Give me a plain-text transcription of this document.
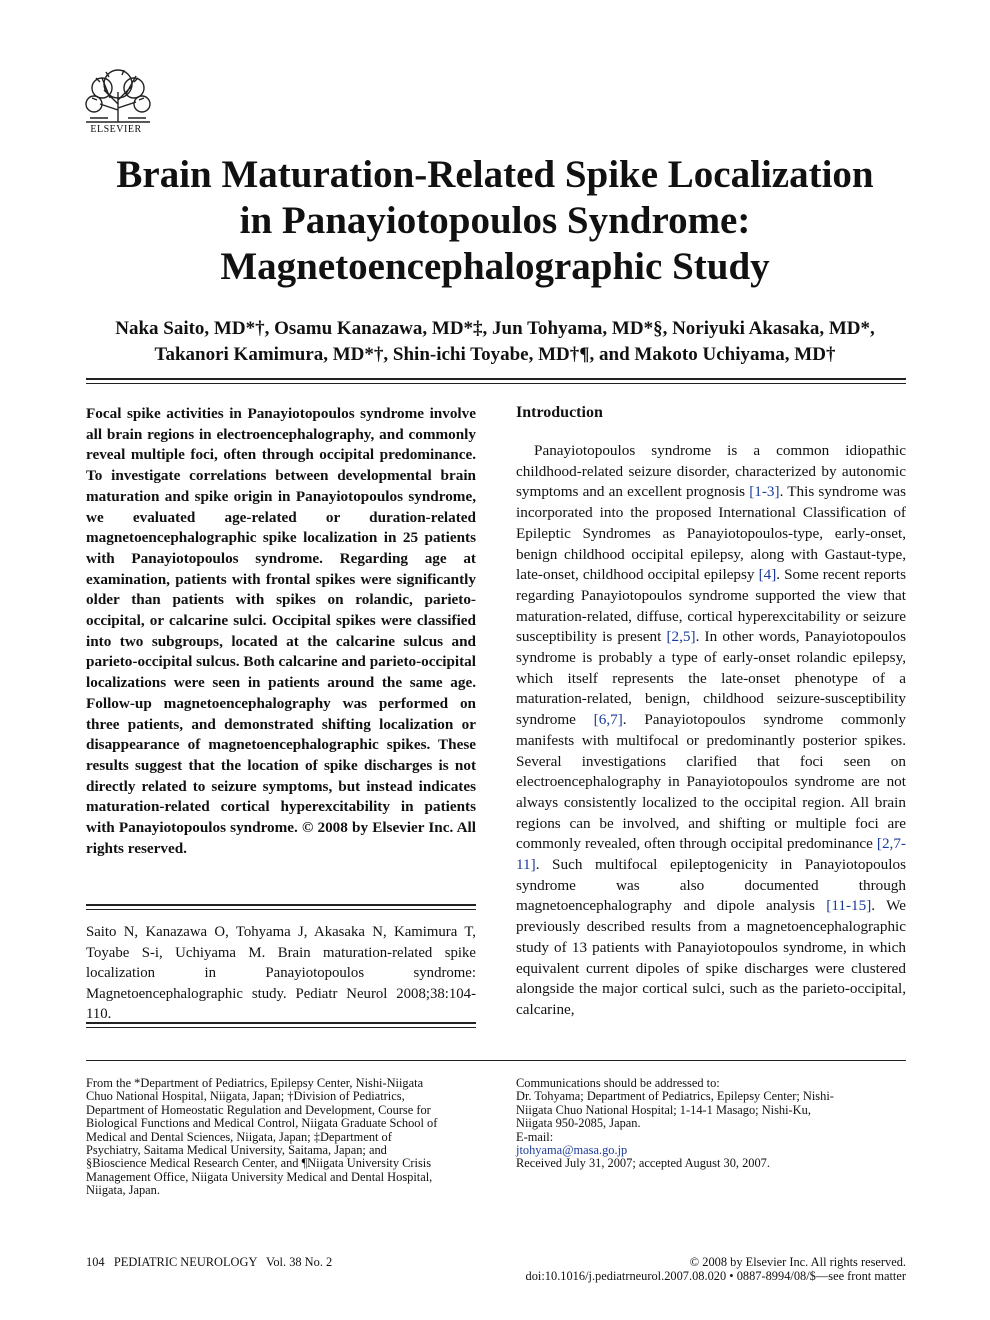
ELSEVIER
Brain Maturation-Related Spike Localization
in Panayiotopoulos Syndrome:
Magnetoencephalographic Study
Naka Saito, MD*†, Osamu Kanazawa, MD*‡, Jun Tohyama, MD*§, Noriyuki Akasaka, MD*,
Takanori Kamimura, MD*†, Shin-ichi Toyabe, MD†¶, and Makoto Uchiyama, MD†

Focal spike activities in Panayiotopoulos syndrome involve all brain regions in electroencephalography, and commonly reveal multiple foci, often through occipital predominance. To investigate correlations between developmental brain maturation and spike origin in Panayiotopoulos syndrome, we evaluated age-related or duration-related magnetoencephalographic spike localization in 25 patients with Panayiotopoulos syndrome. Regarding age at examination, patients with frontal spikes were significantly older than patients with spikes on rolandic, parieto-occipital, or calcarine sulci. Occipital spikes were classified into two subgroups, located at the calcarine sulcus and parieto-occipital sulcus. Both calcarine and parieto-occipital localizations were seen in patients around the same age. Follow-up magnetoencephalography was performed on three patients, and demonstrated shifting localization or disappearance of magnetoencephalographic spikes. These results suggest that the location of spike discharges is not directly related to seizure symptoms, but instead indicates maturation-related cortical hyperexcitability in patients with Panayiotopoulos syndrome. © 2008 by Elsevier Inc. All rights reserved.

Saito N, Kanazawa O, Tohyama J, Akasaka N, Kamimura T, Toyabe S-i, Uchiyama M. Brain maturation-related spike localization in Panayiotopoulos syndrome: Magnetoencephalographic study. Pediatr Neurol 2008;38:104-110.

Introduction

Panayiotopoulos syndrome is a common idiopathic childhood-related seizure disorder, characterized by autonomic symptoms and an excellent prognosis [1-3]. This syndrome was incorporated into the proposed International Classification of Epileptic Syndromes as Panayiotopoulos-type, early-onset, benign childhood occipital epilepsy, along with Gastaut-type, late-onset, childhood occipital epilepsy [4]. Some recent reports regarding Panayiotopoulos syndrome supported the view that maturation-related, diffuse, cortical hyperexcitability or seizure susceptibility is present [2,5]. In other words, Panayiotopoulos syndrome is probably a type of early-onset rolandic epilepsy, which itself represents the late-onset phenotype of a maturation-related, benign, childhood seizure-susceptibility syndrome [6,7]. Panayiotopoulos syndrome commonly manifests with multifocal or predominantly posterior spikes. Several investigations clarified that foci seen on electroencephalography in Panayiotopoulos syndrome are not always consistently localized to the occipital region. All brain regions can be involved, and shifting or multiple foci are commonly revealed, often through occipital predominance [2,7-11]. Such multifocal epileptogenicity in Panayiotopoulos syndrome was also documented through magnetoencephalography and dipole analysis [11-15]. We previously described results from a magnetoencephalographic study of 13 patients with Panayiotopoulos syndrome, in which equivalent current dipoles of spike discharges were clustered alongside the major cortical sulci, such as the parieto-occipital, calcarine,

From the *Department of Pediatrics, Epilepsy Center, Nishi-Niigata
Chuo National Hospital, Niigata, Japan; †Division of Pediatrics,
Department of Homeostatic Regulation and Development, Course for
Biological Functions and Medical Control, Niigata Graduate School of
Medical and Dental Sciences, Niigata, Japan; ‡Department of
Psychiatry, Saitama Medical University, Saitama, Japan; and
§Bioscience Medical Research Center, and ¶Niigata University Crisis
Management Office, Niigata University Medical and Dental Hospital,
Niigata, Japan.

Communications should be addressed to:
Dr. Tohyama; Department of Pediatrics, Epilepsy Center; Nishi-
Niigata Chuo National Hospital; 1-14-1 Masago; Nishi-Ku,
Niigata 950-2085, Japan.
E-mail:
jtohyama@masa.go.jp
Received July 31, 2007; accepted August 30, 2007.
104   PEDIATRIC NEUROLOGY   Vol. 38 No. 2	© 2008 by Elsevier Inc. All rights reserved.
doi:10.1016/j.pediatrneurol.2007.08.020 • 0887-8994/08/$—see front matter
